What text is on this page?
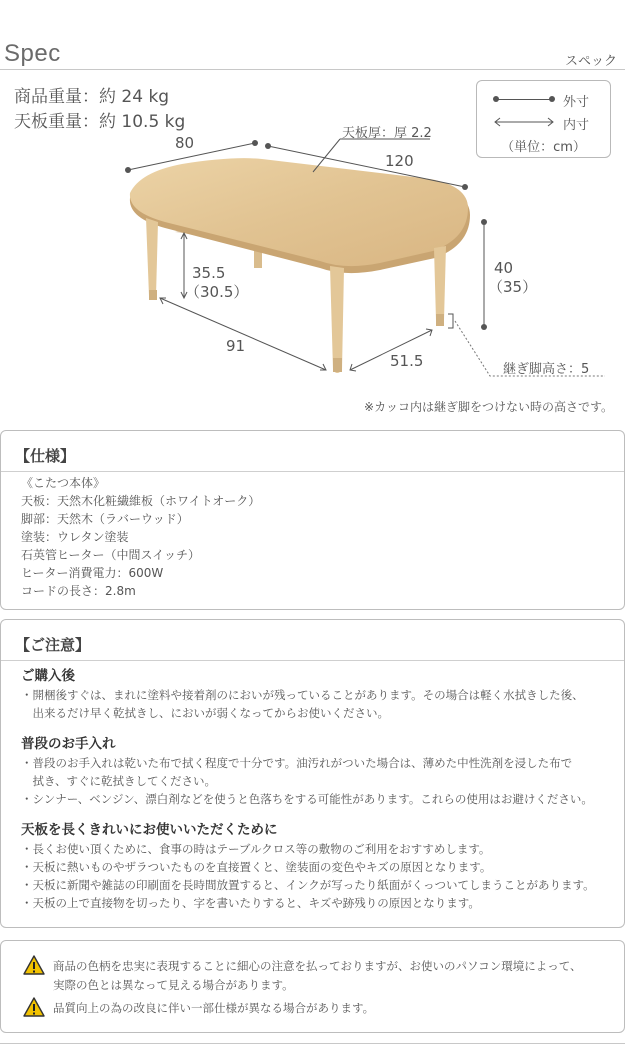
Spec	スペック
商品重量：約 24 kg
天板重量：約 10.5 kg
外寸
内寸
（単位：cm）
80
120
天板厚：厚 2.2
35.5
（30.5）
40
（35）
91
51.5	継ぎ脚高さ：5
※カッコ内は継ぎ脚をつけない時の高さです。
【仕様】
《こたつ本体》
天板：天然木化粧繊維板（ホワイトオーク）
脚部：天然木（ラバーウッド）
塗装：ウレタン塗装
石英管ヒーター（中間スイッチ）
ヒーター消費電力：600W
コードの長さ：2.8m
【ご注意】
ご購入後
・開梱後すぐは、まれに塗料や接着剤のにおいが残っていることがあります。その場合は軽く水拭きした後、
　出来るだけ早く乾拭きし、においが弱くなってからお使いください。
普段のお手入れ
・普段のお手入れは乾いた布で拭く程度で十分です。油汚れがついた場合は、薄めた中性洗剤を浸した布で
　拭き、すぐに乾拭きしてください。
・シンナー、ベンジン、漂白剤などを使うと色落ちをする可能性があります。これらの使用はお避けください。
天板を長くきれいにお使いいただくために
・長くお使い頂くために、食事の時はテーブルクロス等の敷物のご利用をおすすめします。
・天板に熱いものやザラついたものを直接置くと、塗装面の変色やキズの原因となります。
・天板に新聞や雑誌の印刷面を長時間放置すると、インクが写ったり紙面がくっついてしまうことがあります。
・天板の上で直接物を切ったり、字を書いたりすると、キズや跡残りの原因となります。
商品の色柄を忠実に表現することに細心の注意を払っておりますが、お使いのパソコン環境によって、
実際の色とは異なって見える場合があります。
品質向上の為の改良に伴い一部仕様が異なる場合があります。
